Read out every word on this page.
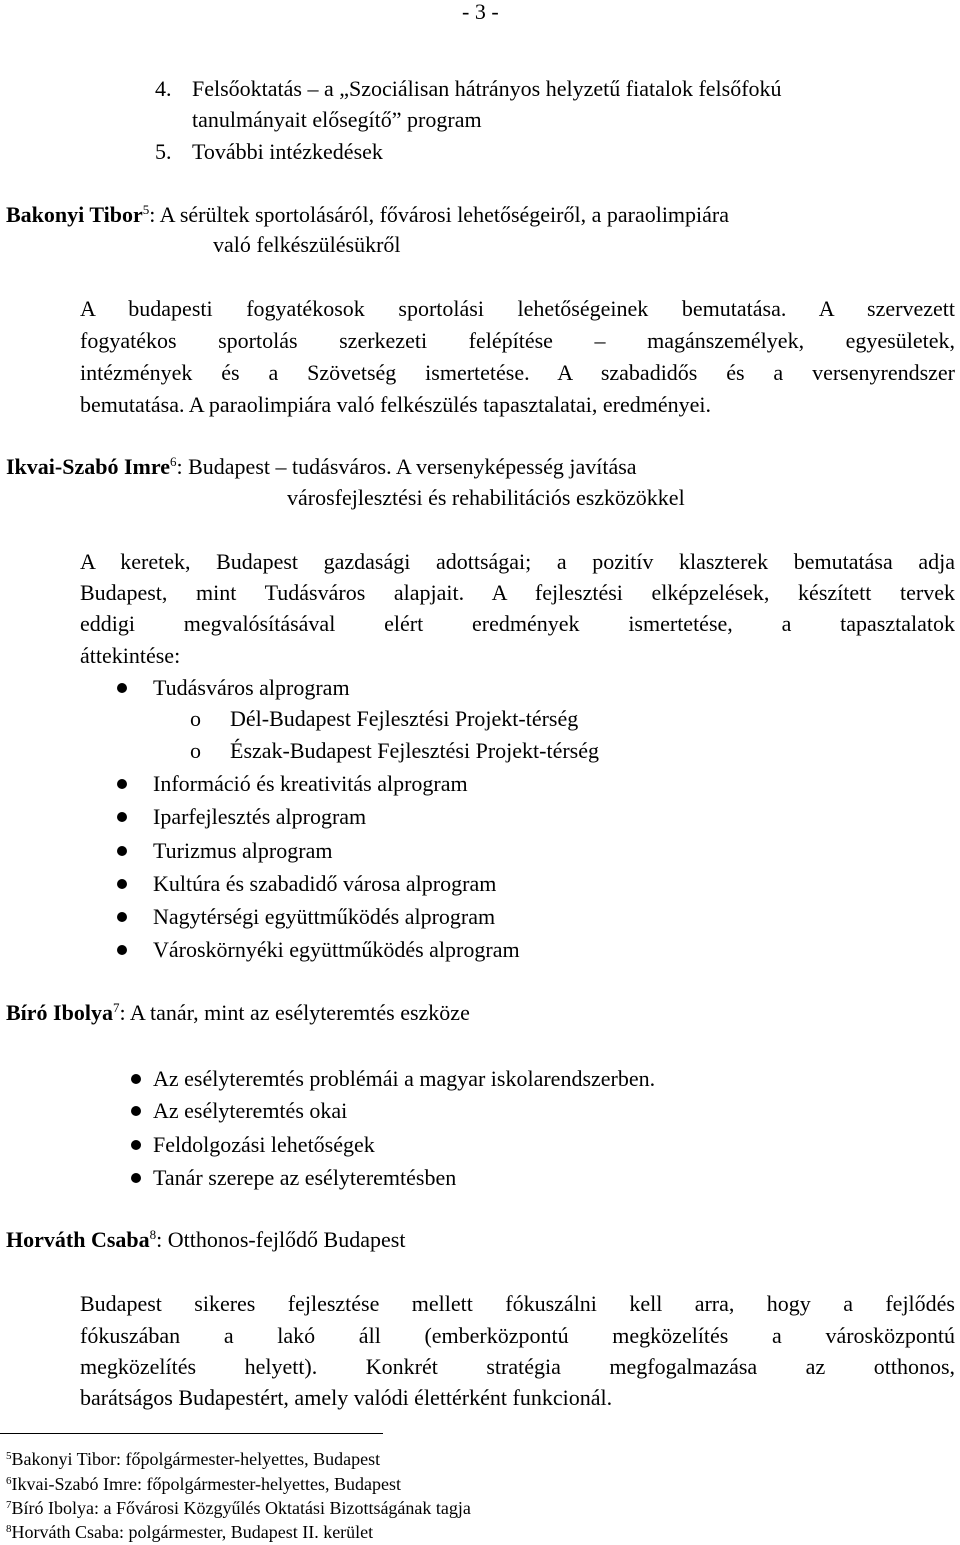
- 3 -
4. Felsőoktatás – a „Szociálisan hátrányos helyzetű fiatalok felsőfokú
tanulmányait elősegítő” program
5. További intézkedések
Bakonyi Tibor$^5$: A sérültek sportolásáról, fővárosi lehetőségeiről, a paraolimpiára
való felkészülésükről
A budapesti fogyatékosok sportolási lehetőségeinek bemutatása. A szervezett
fogyatékos sportolás szerkezeti felépítése – magánszemélyek, egyesületek,
intézmények és a Szövetség ismertetése. A szabadidős és a versenyrendszer
bemutatása. A paraolimpiára való felkészülés tapasztalatai, eredményei.
Ikvai-Szabó Imre$^6$: Budapest – tudásváros. A versenyképesség javítása
városfejlesztési és rehabilitációs eszközökkel
A keretek, Budapest gazdasági adottságai; a pozitív klaszterek bemutatása adja
Budapest, mint Tudásváros alapjait. A fejlesztési elképzelések, készített tervek
eddigi megvalósításával elért eredmények ismertetése, a tapasztalatok
áttekintése:
Tudásváros alprogram
o Dél-Budapest Fejlesztési Projekt-térség
o Észak-Budapest Fejlesztési Projekt-térség
Információ és kreativitás alprogram
Iparfejlesztés alprogram
Turizmus alprogram
Kultúra és szabadidő városa alprogram
Nagytérségi együttműködés alprogram
Városkörnyéki együttműködés alprogram
Bíró Ibolya$^7$: A tanár, mint az esélyteremtés eszköze
Az esélyteremtés problémái a magyar iskolarendszerben.
Az esélyteremtés okai
Feldolgozási lehetőségek
Tanár szerepe az esélyteremtésben
Horváth Csaba$^8$: Otthonos-fejlődő Budapest
Budapest sikeres fejlesztése mellett fókuszálni kell arra, hogy a fejlődés
fókuszában a lakó áll (emberközpontú megközelítés a városközpontú
megközelítés helyett). Konkrét stratégia megfogalmazása az otthonos,
barátságos Budapestért, amely valódi élettérként funkcionál.
$^5$Bakonyi Tibor: főpolgármester-helyettes, Budapest
$^6$Ikvai-Szabó Imre: főpolgármester-helyettes, Budapest
$^7$Bíró Ibolya: a Fővárosi Közgyűlés Oktatási Bizottságának tagja
$^8$Horváth Csaba: polgármester, Budapest II. kerület
